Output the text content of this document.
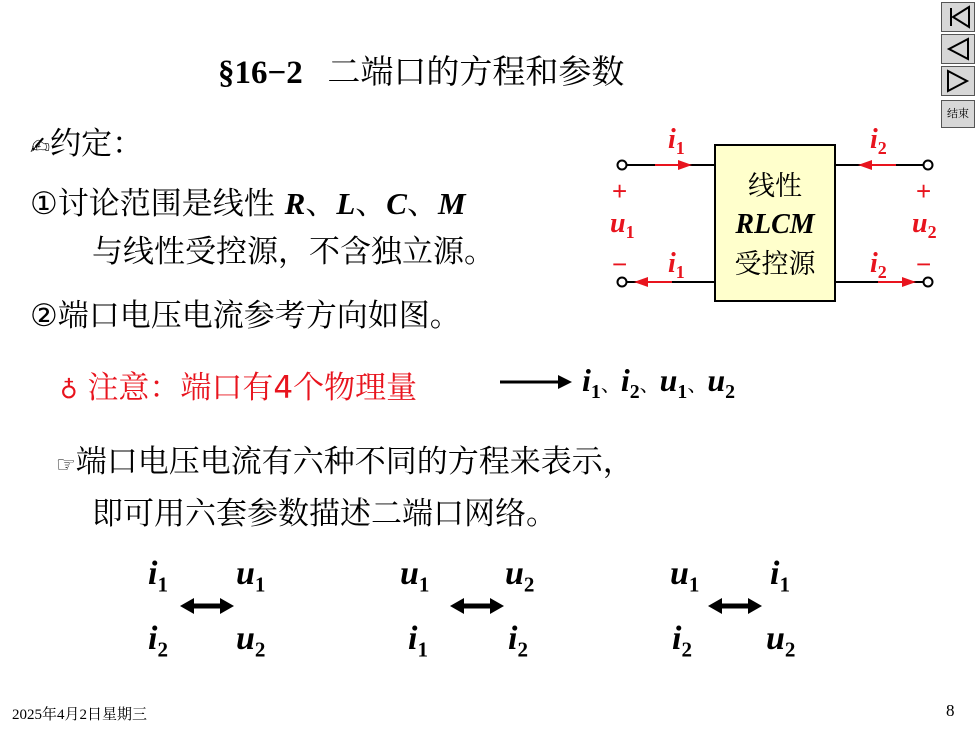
结束
§16−2 二端口的方程和参数
✍约定：
①讨论范围是线性 R、L、C、M
与线性受控源，不含独立源。
②端口电压电流参考方向如图。
♁ 注意：端口有4个物理量	$i_1$、$i_2$、$u_1$、$u_2$
☞端口电压电流有六种不同的方程来表示，
即可用六套参数描述二端口网络。
线性
RLCM
受控源
+
−
+
−
$i_1$
$i_1$
$i_2$
$i_2$
$u_1$	$u_2$
$i_1$ $u_1$
$i_2$ $u_2$
$u_1$ $u_2$
$i_1$ $i_2$
$u_1$ $i_1$
$i_2$ $u_2$
2025年4月2日星期三	8
